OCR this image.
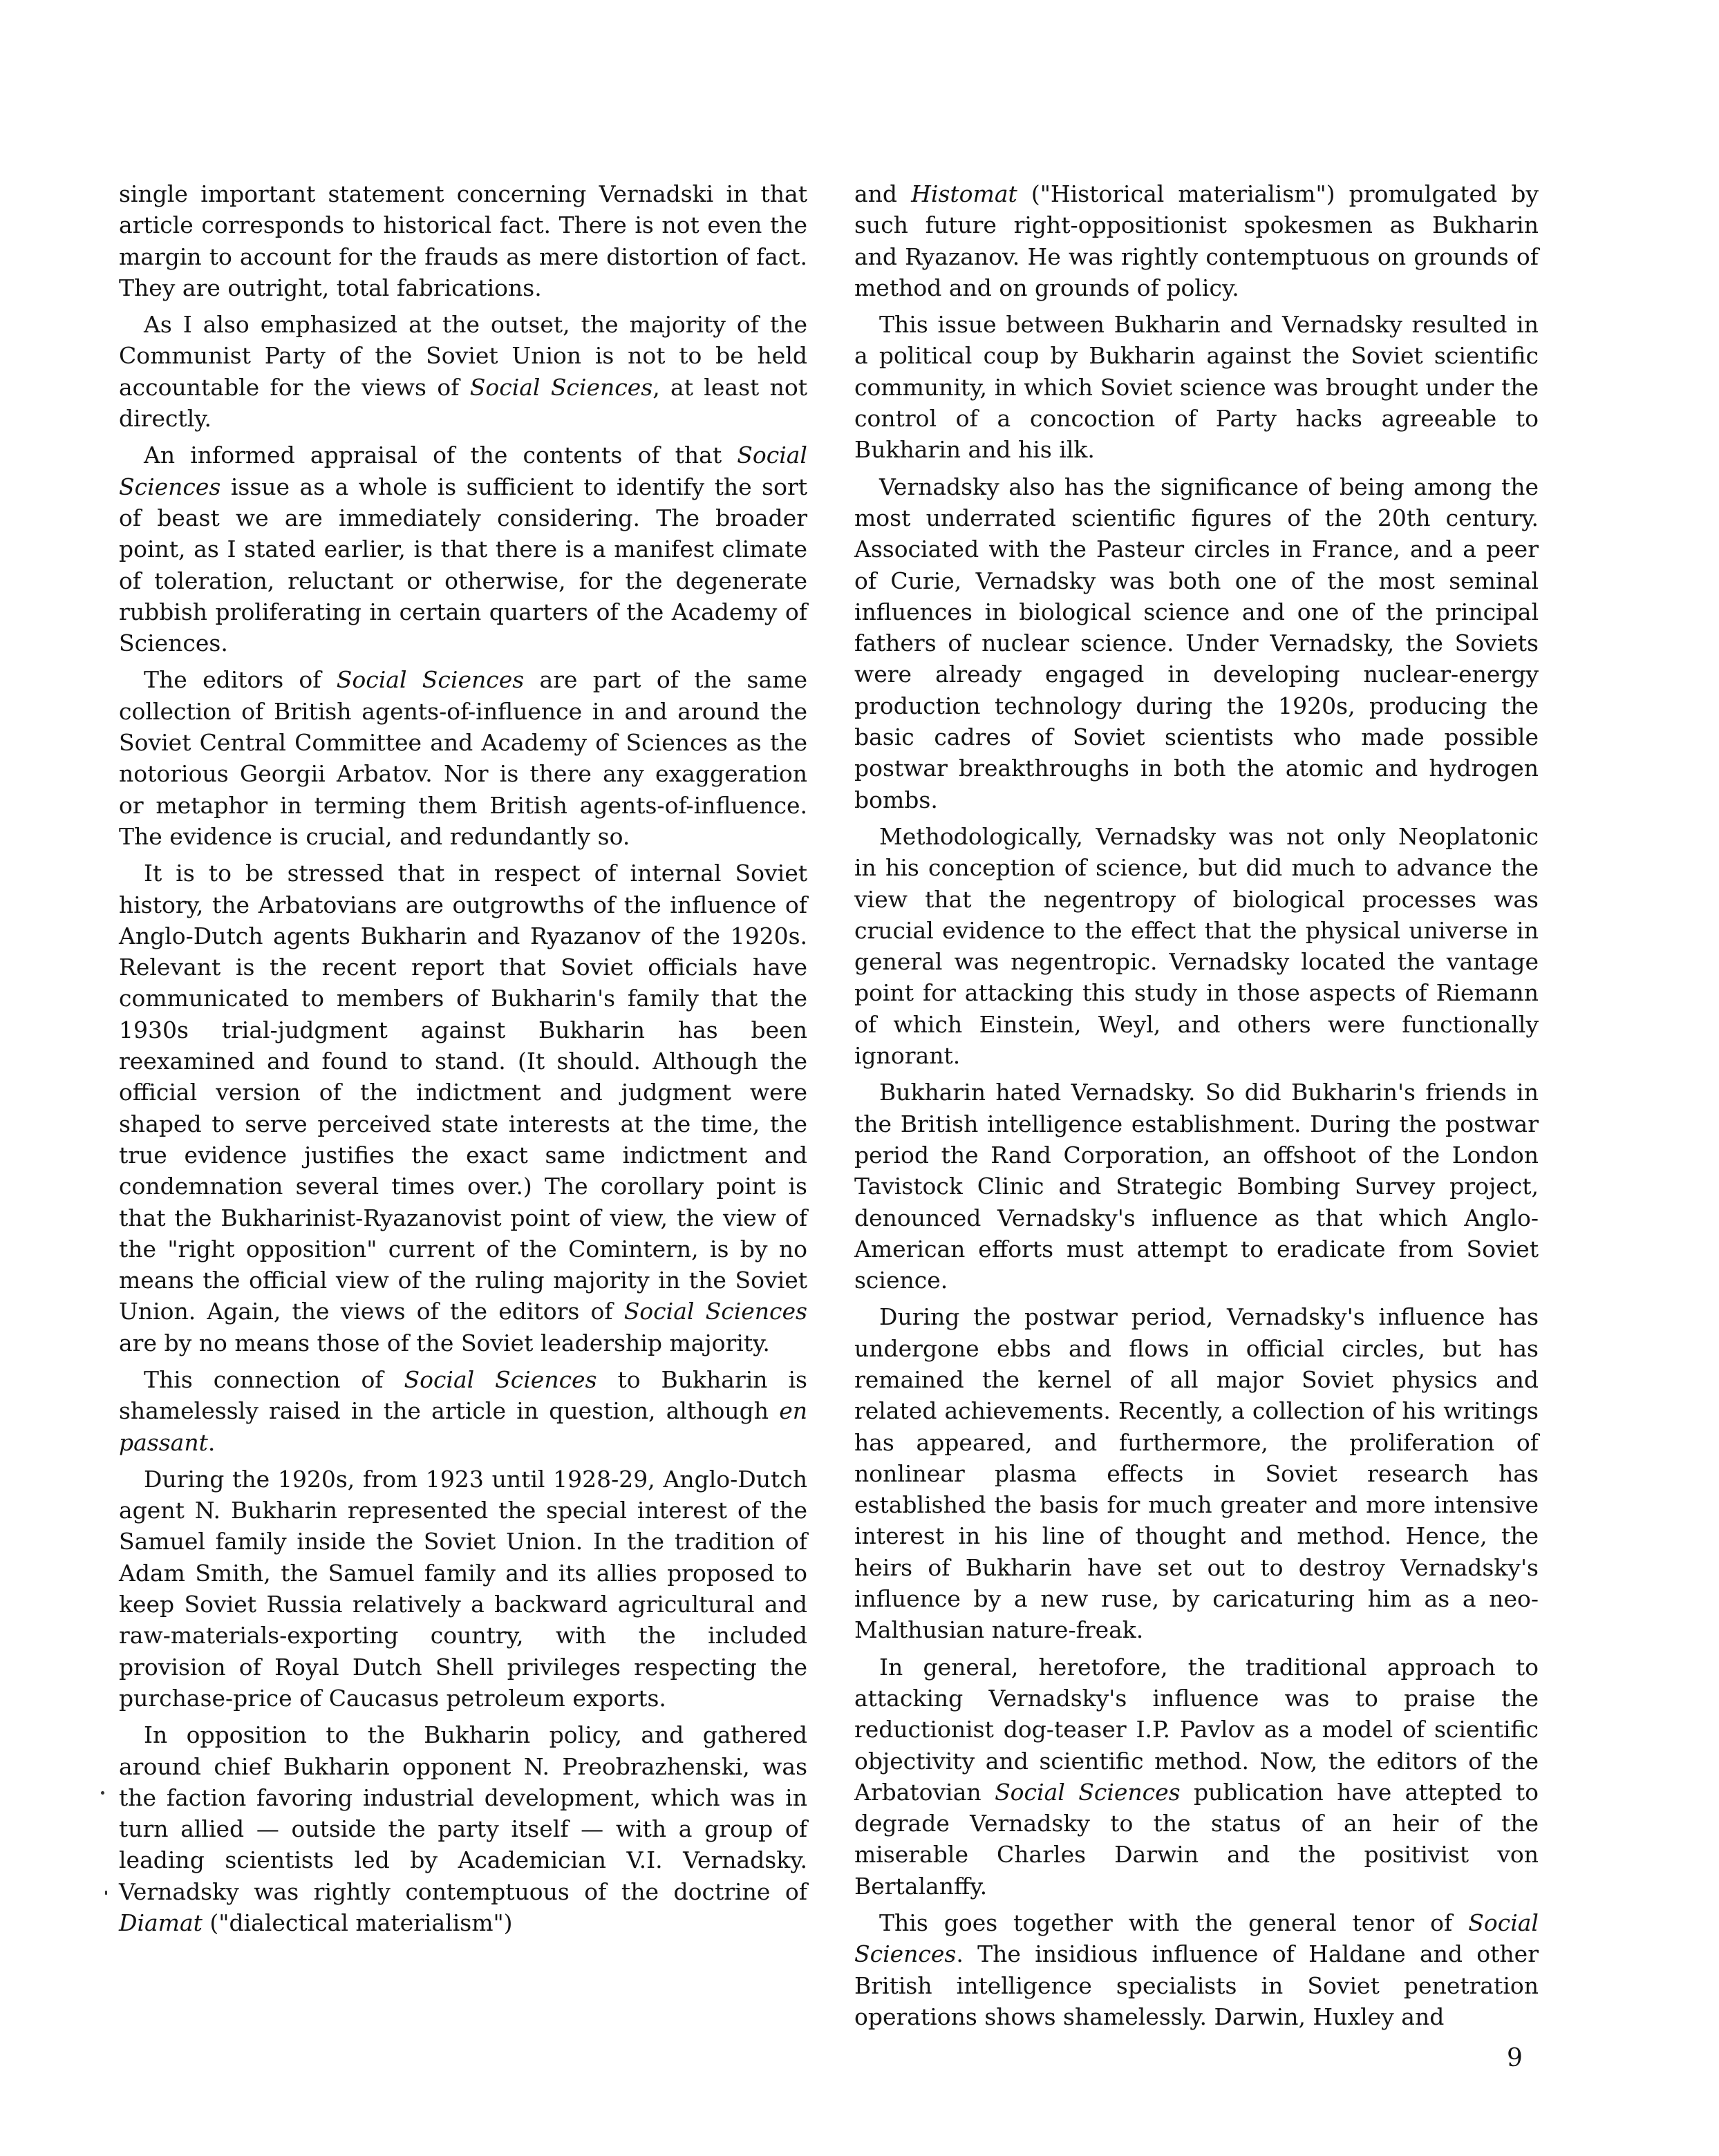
single important statement concerning Vernadski in that article corresponds to historical fact. There is not even the margin to account for the frauds as mere distortion of fact. They are outright, total fabrications.

As I also emphasized at the outset, the majority of the Communist Party of the Soviet Union is not to be held accountable for the views of Social Sciences, at least not directly.

An informed appraisal of the contents of that Social Sciences issue as a whole is sufficient to identify the sort of beast we are immediately considering. The broader point, as I stated earlier, is that there is a manifest climate of toleration, reluctant or otherwise, for the degenerate rubbish proliferating in certain quarters of the Academy of Sciences.

The editors of Social Sciences are part of the same collection of British agents-of-influence in and around the Soviet Central Committee and Academy of Sciences as the notorious Georgii Arbatov. Nor is there any exaggeration or metaphor in terming them British agents-of-influence. The evidence is crucial, and redundantly so.

It is to be stressed that in respect of internal Soviet history, the Arbatovians are outgrowths of the influence of Anglo-Dutch agents Bukharin and Ryazanov of the 1920s. Relevant is the recent report that Soviet officials have communicated to members of Bukharin's family that the 1930s trial-judgment against Bukharin has been reexamined and found to stand. (It should. Although the official version of the indictment and judgment were shaped to serve perceived state interests at the time, the true evidence justifies the exact same indictment and condemnation several times over.) The corollary point is that the Bukharinist-Ryazanovist point of view, the view of the "right opposition" current of the Comintern, is by no means the official view of the ruling majority in the Soviet Union. Again, the views of the editors of Social Sciences are by no means those of the Soviet leadership majority.

This connection of Social Sciences to Bukharin is shamelessly raised in the article in question, although en passant.

During the 1920s, from 1923 until 1928-29, Anglo-Dutch agent N. Bukharin represented the special interest of the Samuel family inside the Soviet Union. In the tradition of Adam Smith, the Samuel family and its allies proposed to keep Soviet Russia relatively a backward agricultural and raw-materials-exporting country, with the included provision of Royal Dutch Shell privileges respecting the purchase-price of Caucasus petroleum exports.

In opposition to the Bukharin policy, and gathered around chief Bukharin opponent N. Preobrazhenski, was the faction favoring industrial development, which was in turn allied — outside the party itself — with a group of leading scientists led by Academician V.I. Vernadsky. Vernadsky was rightly contemptuous of the doctrine of Diamat ("dialectical materialism")

and Histomat ("Historical materialism") promulgated by such future right-oppositionist spokesmen as Bukharin and Ryazanov. He was rightly contemptuous on grounds of method and on grounds of policy.

This issue between Bukharin and Vernadsky resulted in a political coup by Bukharin against the Soviet scientific community, in which Soviet science was brought under the control of a concoction of Party hacks agreeable to Bukharin and his ilk.

Vernadsky also has the significance of being among the most underrated scientific figures of the 20th century. Associated with the Pasteur circles in France, and a peer of Curie, Vernadsky was both one of the most seminal influences in biological science and one of the principal fathers of nuclear science. Under Vernadsky, the Soviets were already engaged in developing nuclear-energy production technology during the 1920s, producing the basic cadres of Soviet scientists who made possible postwar breakthroughs in both the atomic and hydrogen bombs.

Methodologically, Vernadsky was not only Neoplatonic in his conception of science, but did much to advance the view that the negentropy of biological processes was crucial evidence to the effect that the physical universe in general was negentropic. Vernadsky located the vantage point for attacking this study in those aspects of Riemann of which Einstein, Weyl, and others were functionally ignorant.

Bukharin hated Vernadsky. So did Bukharin's friends in the British intelligence establishment. During the postwar period the Rand Corporation, an offshoot of the London Tavistock Clinic and Strategic Bombing Survey project, denounced Vernadsky's influence as that which Anglo-American efforts must attempt to eradicate from Soviet science.

During the postwar period, Vernadsky's influence has undergone ebbs and flows in official circles, but has remained the kernel of all major Soviet physics and related achievements. Recently, a collection of his writings has appeared, and furthermore, the proliferation of nonlinear plasma effects in Soviet research has established the basis for much greater and more intensive interest in his line of thought and method. Hence, the heirs of Bukharin have set out to destroy Vernadsky's influence by a new ruse, by caricaturing him as a neo-Malthusian nature-freak.

In general, heretofore, the traditional approach to attacking Vernadsky's influence was to praise the reductionist dog-teaser I.P. Pavlov as a model of scientific objectivity and scientific method. Now, the editors of the Arbatovian Social Sciences publication have attepted to degrade Vernadsky to the status of an heir of the miserable Charles Darwin and the positivist von Bertalanffy.

This goes together with the general tenor of Social Sciences. The insidious influence of Haldane and other British intelligence specialists in Soviet penetration operations shows shamelessly. Darwin, Huxley and

9
